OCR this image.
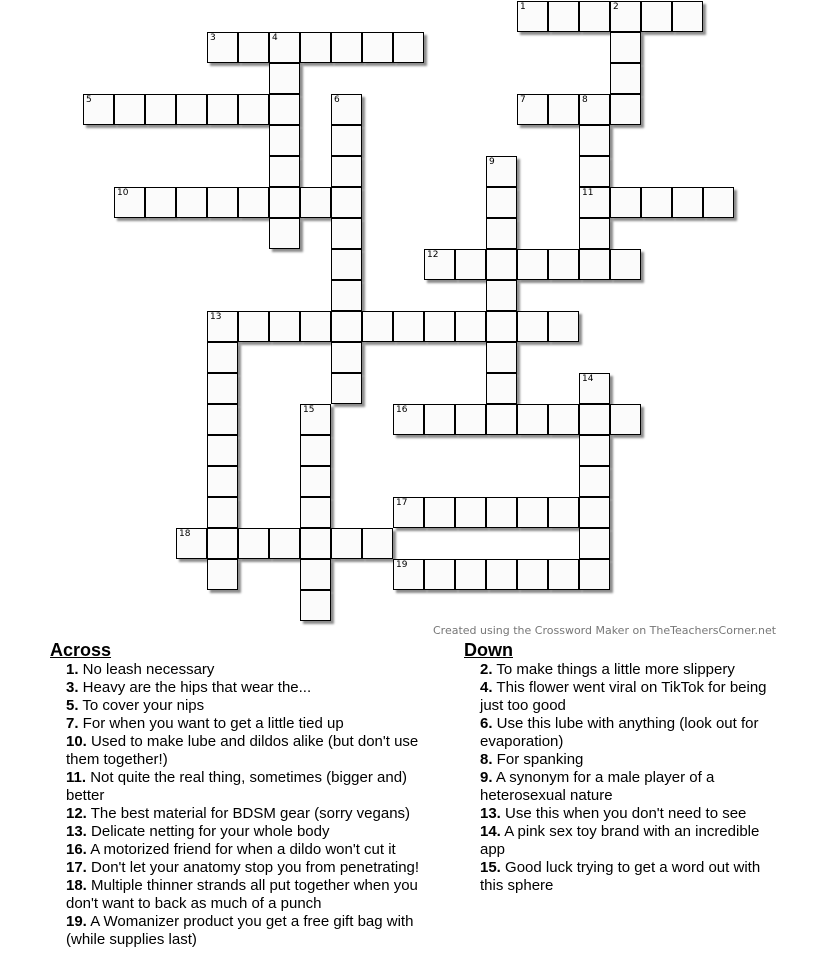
1	2
3	4
5	6	7	8
11
9
10
12
13
14
15	16
17
18
19
Created using the Crossword Maker on TheTeachersCorner.net
Across
1. No leash necessary
3. Heavy are the hips that wear the...
5. To cover your nips
7. For when you want to get a little tied up
10. Used to make lube and dildos alike (but don't use them together!)
11. Not quite the real thing, sometimes (bigger and) better
12. The best material for BDSM gear (sorry vegans)
13. Delicate netting for your whole body
16. A motorized friend for when a dildo won't cut it
17. Don't let your anatomy stop you from penetrating!
18. Multiple thinner strands all put together when you don't want to back as much of a punch
19. A Womanizer product you get a free gift bag with (while supplies last)
Down
2. To make things a little more slippery
4. This flower went viral on TikTok for being just too good
6. Use this lube with anything (look out for evaporation)
8. For spanking
9. A synonym for a male player of a heterosexual nature
13. Use this when you don't need to see
14. A pink sex toy brand with an incredible app
15. Good luck trying to get a word out with this sphere
